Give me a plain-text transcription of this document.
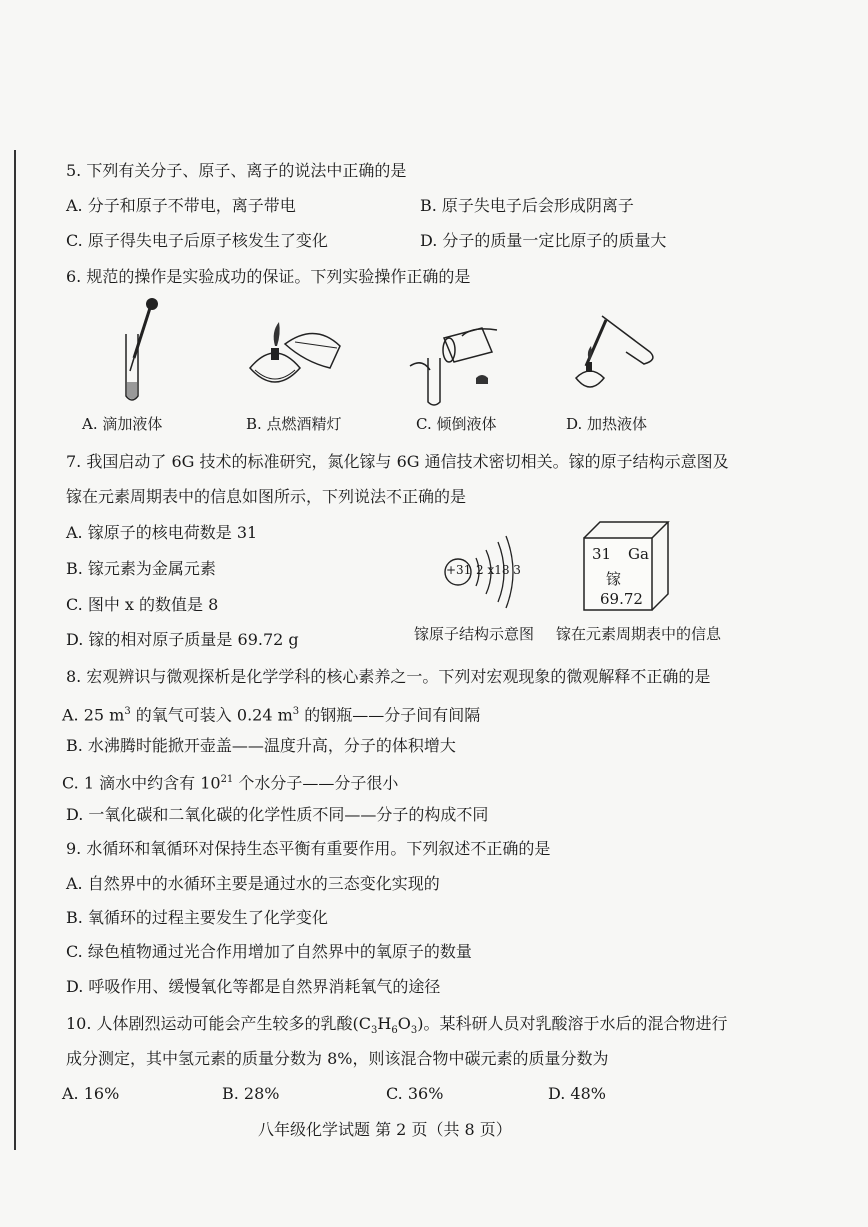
5. 下列有关分子、原子、离子的说法中正确的是
A. 分子和原子不带电，离子带电	B. 原子失电子后会形成阴离子
C. 原子得失电子后原子核发生了变化	D. 分子的质量一定比原子的质量大
6. 规范的操作是实验成功的保证。下列实验操作正确的是
A. 滴加液体	B. 点燃酒精灯	C. 倾倒液体	D. 加热液体
7. 我国启动了 6G 技术的标准研究，氮化镓与 6G 通信技术密切相关。镓的原子结构示意图及
镓在元素周期表中的信息如图所示，下列说法不正确的是
A. 镓原子的核电荷数是 31
B. 镓元素为金属元素
C. 图中 x 的数值是 8
D. 镓的相对原子质量是 69.72 g
+31 2 x18 3
镓原子结构示意图
31 Ga
镓
69.72
镓在元素周期表中的信息
8. 宏观辨识与微观探析是化学学科的核心素养之一。下列对宏观现象的微观解释不正确的是
A. 25 $m^3$ 的氧气可装入 0.24 $m^3$ 的钢瓶——分子间有间隔
B. 水沸腾时能掀开壶盖——温度升高，分子的体积增大
C. 1 滴水中约含有 $10^{21}$ 个水分子——分子很小
D. 一氧化碳和二氧化碳的化学性质不同——分子的构成不同
9. 水循环和氧循环对保持生态平衡有重要作用。下列叙述不正确的是
A. 自然界中的水循环主要是通过水的三态变化实现的
B. 氧循环的过程主要发生了化学变化
C. 绿色植物通过光合作用增加了自然界中的氧原子的数量
D. 呼吸作用、缓慢氧化等都是自然界消耗氧气的途径
10. 人体剧烈运动可能会产生较多的乳酸$(C_3H_6O_3)$。某科研人员对乳酸溶于水后的混合物进行
成分测定，其中氢元素的质量分数为 8%，则该混合物中碳元素的质量分数为
A. 16%	B. 28%	C. 36%	D. 48%
八年级化学试题 第 2 页（共 8 页）
